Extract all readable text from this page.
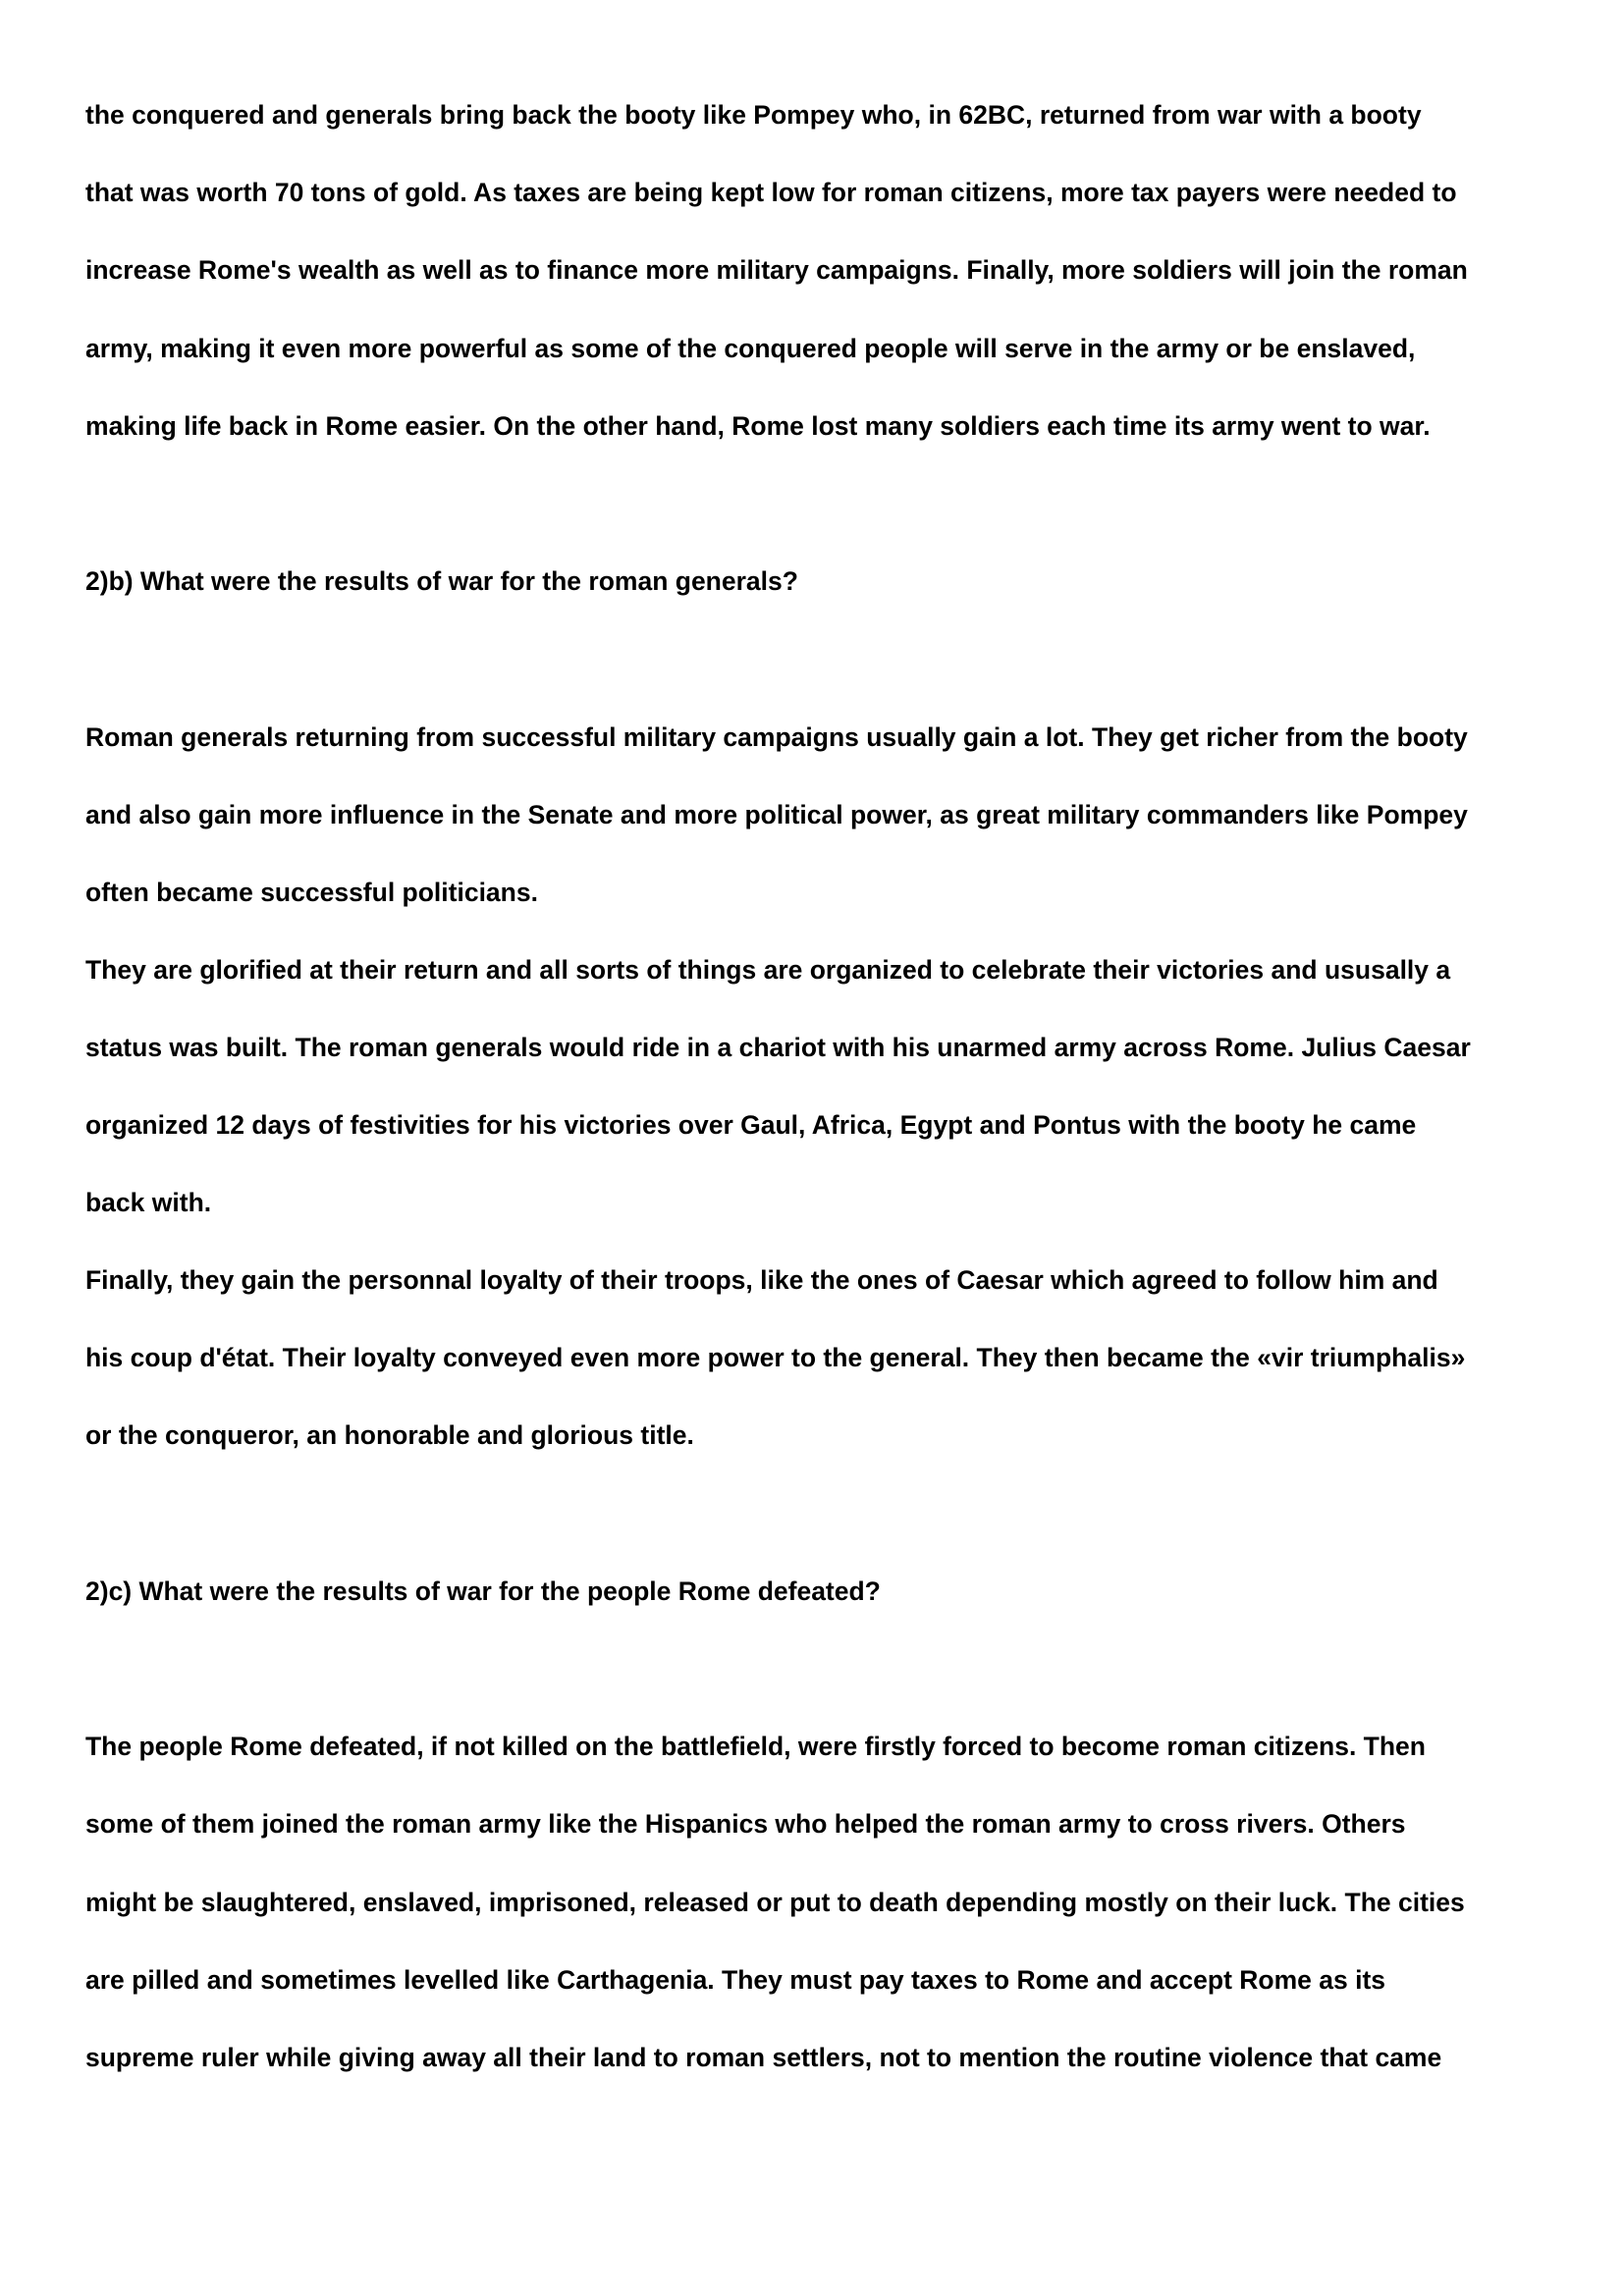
the conquered and generals bring back the booty like Pompey who, in 62BC, returned from war with a booty

that was worth 70 tons of gold. As taxes are being kept low for roman citizens, more tax payers were needed to

increase Rome's wealth as well as to finance more military campaigns. Finally, more soldiers will join the roman

army, making it even more powerful as some of the conquered people will serve in the army or be enslaved,

making life back in Rome easier. On the other hand, Rome lost many soldiers each time its army went to war.

2)b) What were the results of war for the roman generals?

Roman generals returning from successful military campaigns usually gain a lot. They get richer from the booty

and also gain more influence in the Senate and more political power, as great military commanders like Pompey

often became successful politicians.

They are glorified at their return and all sorts of things are organized to celebrate their victories and ususally a

status was built. The roman generals would ride in a chariot with his unarmed army across Rome. Julius Caesar

organized 12 days of festivities for his victories over Gaul, Africa, Egypt and Pontus with the booty he came

back with.

Finally, they gain the personnal loyalty of their troops, like the ones of Caesar which agreed to follow him and

his coup d'état. Their loyalty conveyed even more power to the general. They then became the «vir triumphalis»

or the conqueror, an honorable and glorious title.

2)c) What were the results of war for the people Rome defeated?

The people Rome defeated, if not killed on the battlefield, were firstly forced to become roman citizens. Then

some of them joined the roman army like the Hispanics who helped the roman army to cross rivers. Others

might be slaughtered, enslaved, imprisoned, released or put to death depending mostly on their luck. The cities

are pilled and sometimes levelled like Carthagenia. They must pay taxes to Rome and accept Rome as its

supreme ruler while giving away all their land to roman settlers, not to mention the routine violence that came
